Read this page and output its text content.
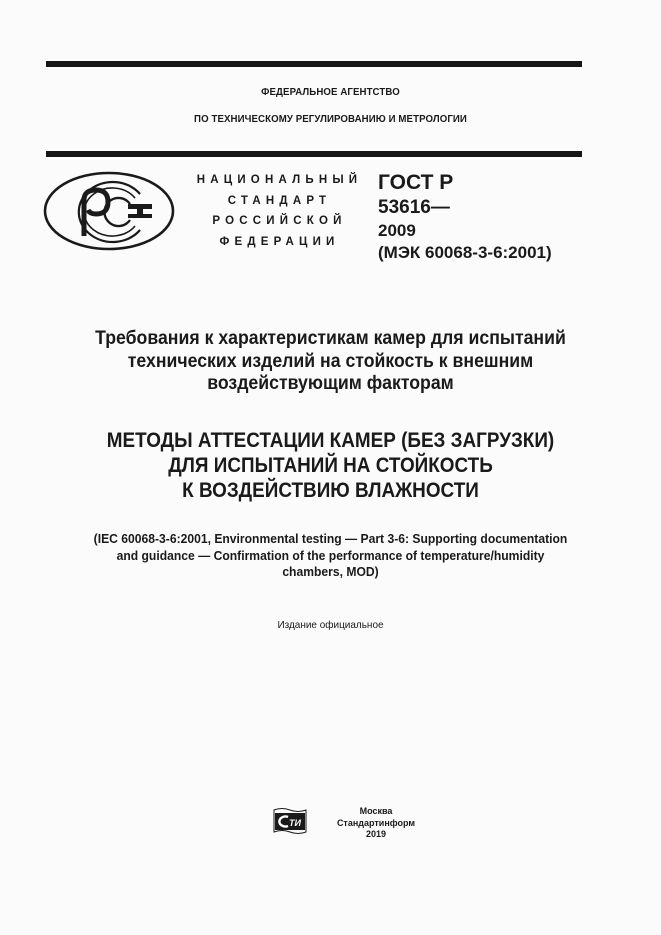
ФЕДЕРАЛЬНОЕ АГЕНТСТВО
ПО ТЕХНИЧЕСКОМУ РЕГУЛИРОВАНИЮ И МЕТРОЛОГИИ
НАЦИОНАЛЬНЫЙ
СТАНДАРТ
РОССИЙСКОЙ
ФЕДЕРАЦИИ
ГОСТ Р
53616—
2009
(МЭК 60068-3-6:2001)
Требования к характеристикам камер для испытаний
технических изделий на стойкость к внешним
воздействующим факторам
МЕТОДЫ АТТЕСТАЦИИ КАМЕР (БЕЗ ЗАГРУЗКИ)
ДЛЯ ИСПЫТАНИЙ НА СТОЙКОСТЬ
К ВОЗДЕЙСТВИЮ ВЛАЖНОСТИ
(IEC 60068-3-6:2001, Environmental testing — Part 3-6: Supporting documentation
and guidance — Confirmation of the performance of temperature/humidity
chambers, MOD)
Издание официальное
ТИ
Москва
Стандартинформ
2019
